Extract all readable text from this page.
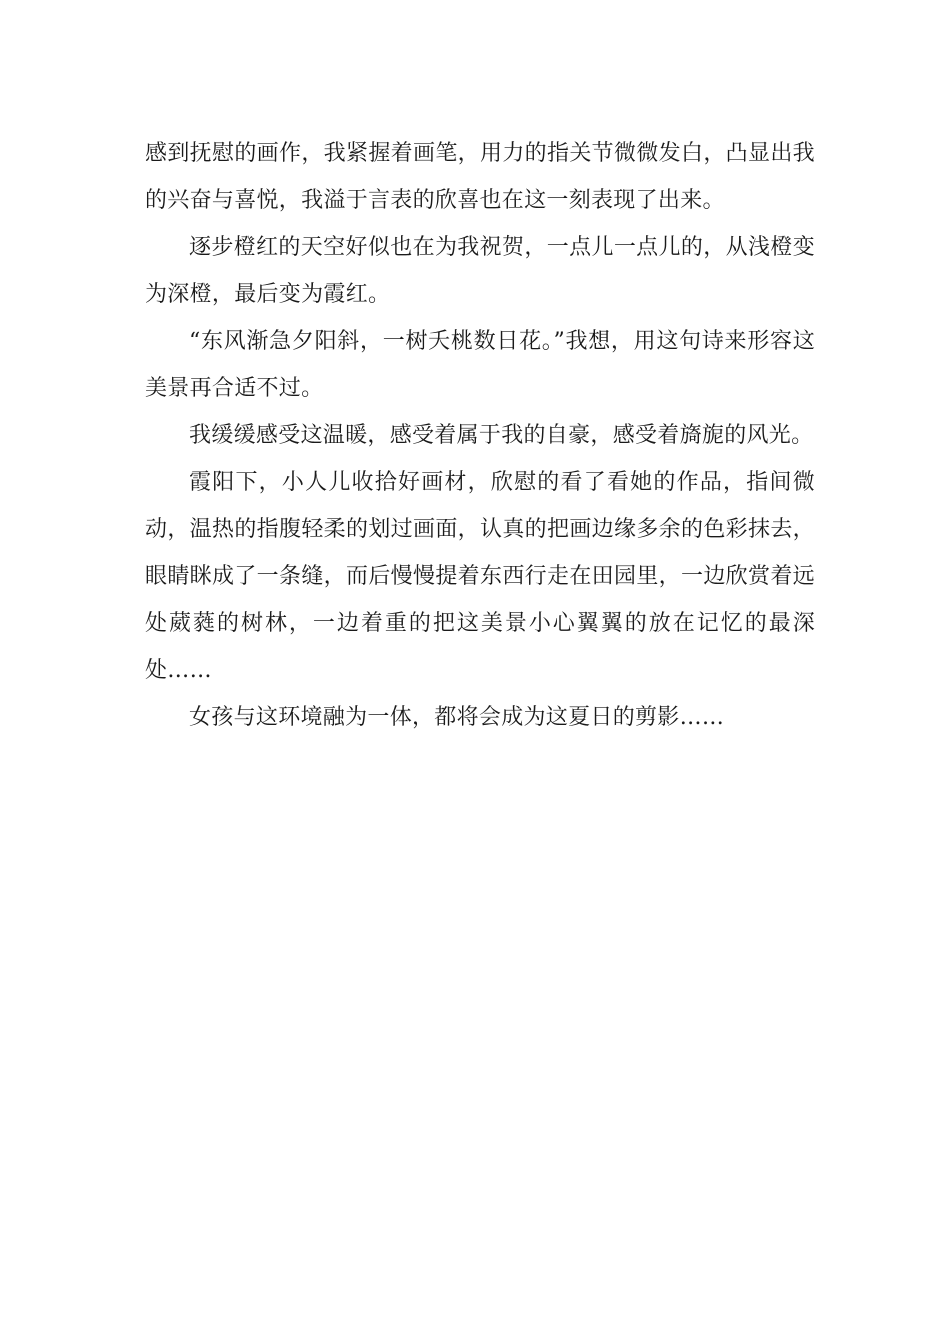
感到抚慰的画作，我紧握着画笔，用力的指关节微微发白，凸显出我的兴奋与喜悦，我溢于言表的欣喜也在这一刻表现了出来。

逐步橙红的天空好似也在为我祝贺，一点儿一点儿的，从浅橙变为深橙，最后变为霞红。

“东风渐急夕阳斜，一树夭桃数日花。”我想，用这句诗来形容这美景再合适不过。

我缓缓感受这温暖，感受着属于我的自豪，感受着旖旎的风光。

霞阳下，小人儿收拾好画材，欣慰的看了看她的作品，指间微动，温热的指腹轻柔的划过画面，认真的把画边缘多余的色彩抹去，眼睛眯成了一条缝，而后慢慢提着东西行走在田园里，一边欣赏着远处葳蕤的树林，一边着重的把这美景小心翼翼的放在记忆的最深处……

女孩与这环境融为一体，都将会成为这夏日的剪影……
